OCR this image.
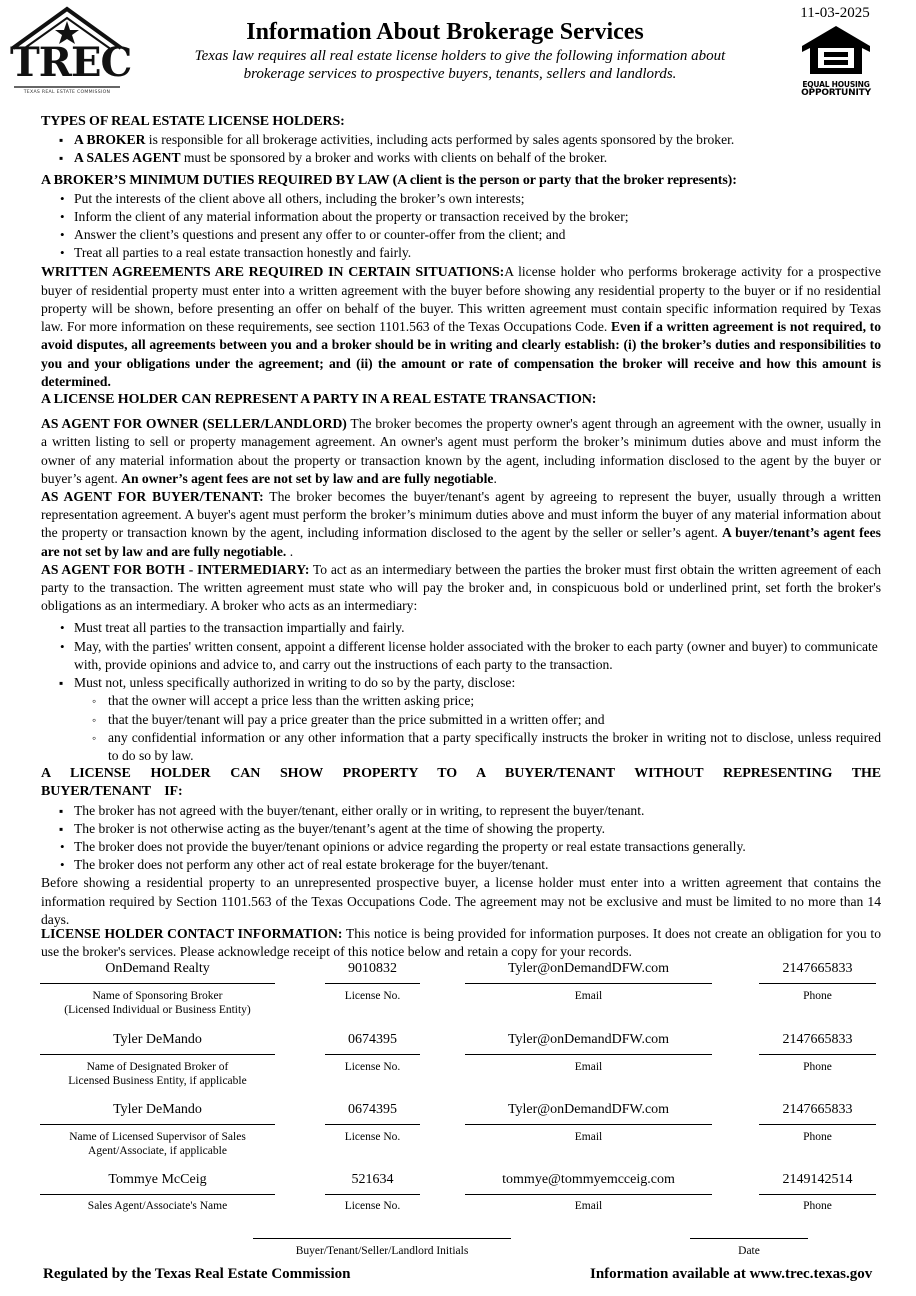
TREC
TEXAS REAL ESTATE COMMISSION
Information About Brokerage Services
Texas law requires all real estate license holders to give the following information about
brokerage services to prospective buyers, tenants, sellers and landlords.
11-03-2025
EQUAL HOUSING
OPPORTUNITY
TYPES OF REAL ESTATE LICENSE HOLDERS:
▪ A BROKER is responsible for all brokerage activities, including acts performed by sales agents sponsored by the broker.
▪ A SALES AGENT must be sponsored by a broker and works with clients on behalf of the broker.
A BROKER’S MINIMUM DUTIES REQUIRED BY LAW (A client is the person or party that the broker represents):
• Put the interests of the client above all others, including the broker’s own interests;
• Inform the client of any material information about the property or transaction received by the broker;
• Answer the client’s questions and present any offer to or counter-offer from the client; and
• Treat all parties to a real estate transaction honestly and fairly.

WRITTEN AGREEMENTS ARE REQUIRED IN CERTAIN SITUATIONS:A license holder who performs brokerage activity for a prospective buyer of residential property must enter into a written agreement with the buyer before showing any residential property to the buyer or if no residential property will be shown, before presenting an offer on behalf of the buyer. This written agreement must contain specific information required by Texas law. For more information on these requirements, see section 1101.563 of the Texas Occupations Code. Even if a written agreement is not required, to avoid disputes, all agreements between you and a broker should be in writing and clearly establish: (i) the broker’s duties and responsibilities to you and your obligations under the agreement; and (ii) the amount or rate of compensation the broker will receive and how this amount is determined.

A LICENSE HOLDER CAN REPRESENT A PARTY IN A REAL ESTATE TRANSACTION:

AS AGENT FOR OWNER (SELLER/LANDLORD) The broker becomes the property owner's agent through an agreement with the owner, usually in a written listing to sell or property management agreement. An owner's agent must perform the broker’s minimum duties above and must inform the owner of any material information about the property or transaction known by the agent, including information disclosed to the agent by the buyer or buyer’s agent. An owner’s agent fees are not set by law and are fully negotiable.

AS AGENT FOR BUYER/TENANT: The broker becomes the buyer/tenant's agent by agreeing to represent the buyer, usually through a written representation agreement. A buyer's agent must perform the broker’s minimum duties above and must inform the buyer of any material information about the property or transaction known by the agent, including information disclosed to the agent by the seller or seller’s agent. A buyer/tenant’s agent fees are not set by law and are fully negotiable. .

AS AGENT FOR BOTH - INTERMEDIARY: To act as an intermediary between the parties the broker must first obtain the written agreement of each party to the transaction. The written agreement must state who will pay the broker and, in conspicuous bold or underlined print, set forth the broker's obligations as an intermediary. A broker who acts as an intermediary:

• Must treat all parties to the transaction impartially and fairly.
• May, with the parties' written consent, appoint a different license holder associated with the broker to each party (owner and buyer) to communicate with, provide opinions and advice to, and carry out the instructions of each party to the transaction.
▪ Must not, unless specifically authorized in writing to do so by the party, disclose:
◦ that the owner will accept a price less than the written asking price;
◦ that the buyer/tenant will pay a price greater than the price submitted in a written offer; and
◦ any confidential information or any other information that a party specifically instructs the broker in writing not to disclose, unless required to do so by law.

A LICENSE HOLDER CAN SHOW PROPERTY TO A BUYER/TENANT WITHOUT REPRESENTING THE BUYER/TENANT IF:

▪ The broker has not agreed with the buyer/tenant, either orally or in writing, to represent the buyer/tenant.
▪ The broker is not otherwise acting as the buyer/tenant’s agent at the time of showing the property.
• The broker does not provide the buyer/tenant opinions or advice regarding the property or real estate transactions generally.
• The broker does not perform any other act of real estate brokerage for the buyer/tenant.

Before showing a residential property to an unrepresented prospective buyer, a license holder must enter into a written agreement that contains the information required by Section 1101.563 of the Texas Occupations Code. The agreement may not be exclusive and must be limited to no more than 14 days.

LICENSE HOLDER CONTACT INFORMATION: This notice is being provided for information purposes. It does not create an obligation for you to use the broker's services. Please acknowledge receipt of this notice below and retain a copy for your records.

OnDemand Realty	9010832	Tyler@onDemandDFW.com	2147665833
Name of Sponsoring Broker
(Licensed Individual or Business Entity)
License No.	Email	Phone
Tyler DeMando	0674395	Tyler@onDemandDFW.com	2147665833
Name of Designated Broker of
Licensed Business Entity, if applicable
License No.	Email	Phone
Tyler DeMando	0674395	Tyler@onDemandDFW.com	2147665833
Name of Licensed Supervisor of Sales
Agent/Associate, if applicable
License No.	Email	Phone
Tommye McCeig	521634	tommye@tommyemcceig.com	2149142514
Sales Agent/Associate's Name	License No.	Email	Phone
Buyer/Tenant/Seller/Landlord Initials	Date
Regulated by the Texas Real Estate Commission	Information available at www.trec.texas.gov
